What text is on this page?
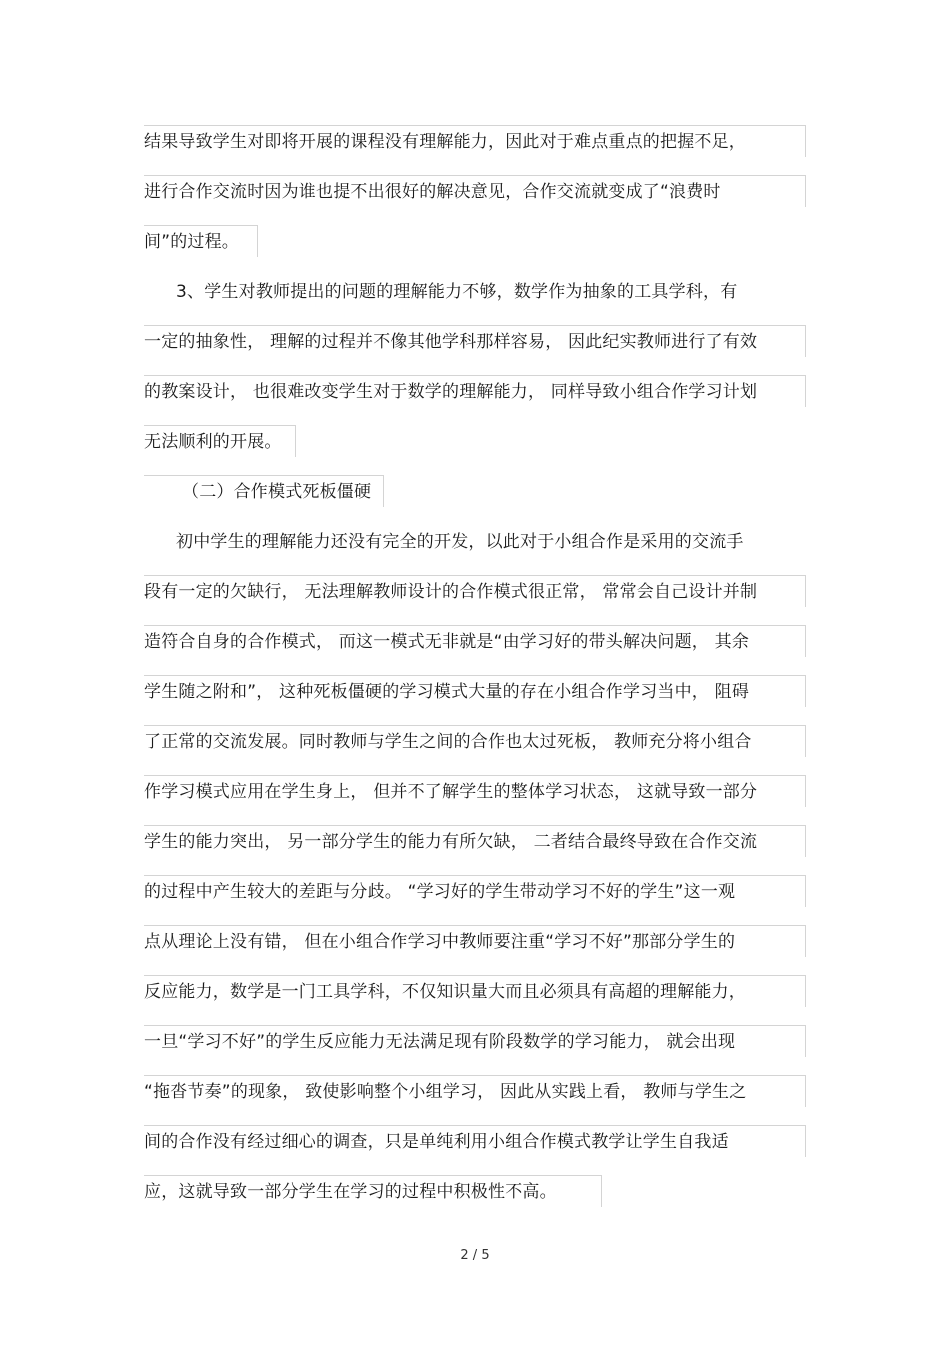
结果导致学生对即将开展的课程没有理解能力，因此对于难点重点的把握不足，
进行合作交流时因为谁也提不出很好的解决意见，合作交流就变成了“浪费时
间”的过程。
3、学生对教师提出的问题的理解能力不够，数学作为抽象的工具学科，有
一定的抽象性， 理解的过程并不像其他学科那样容易， 因此纪实教师进行了有效
的教案设计， 也很难改变学生对于数学的理解能力， 同样导致小组合作学习计划
无法顺利的开展。
（二）合作模式死板僵硬
初中学生的理解能力还没有完全的开发，以此对于小组合作是采用的交流手
段有一定的欠缺行， 无法理解教师设计的合作模式很正常， 常常会自己设计并制
造符合自身的合作模式， 而这一模式无非就是“由学习好的带头解决问题， 其余
学生随之附和”， 这种死板僵硬的学习模式大量的存在小组合作学习当中， 阻碍
了正常的交流发展。同时教师与学生之间的合作也太过死板， 教师充分将小组合
作学习模式应用在学生身上， 但并不了解学生的整体学习状态， 这就导致一部分
学生的能力突出， 另一部分学生的能力有所欠缺， 二者结合最终导致在合作交流
的过程中产生较大的差距与分歧。 “学习好的学生带动学习不好的学生”这一观
点从理论上没有错， 但在小组合作学习中教师要注重“学习不好”那部分学生的
反应能力，数学是一门工具学科，不仅知识量大而且必须具有高超的理解能力，
一旦“学习不好”的学生反应能力无法满足现有阶段数学的学习能力， 就会出现
“拖沓节奏”的现象， 致使影响整个小组学习， 因此从实践上看， 教师与学生之
间的合作没有经过细心的调查，只是单纯利用小组合作模式教学让学生自我适
应，这就导致一部分学生在学习的过程中积极性不高。
2 / 5
